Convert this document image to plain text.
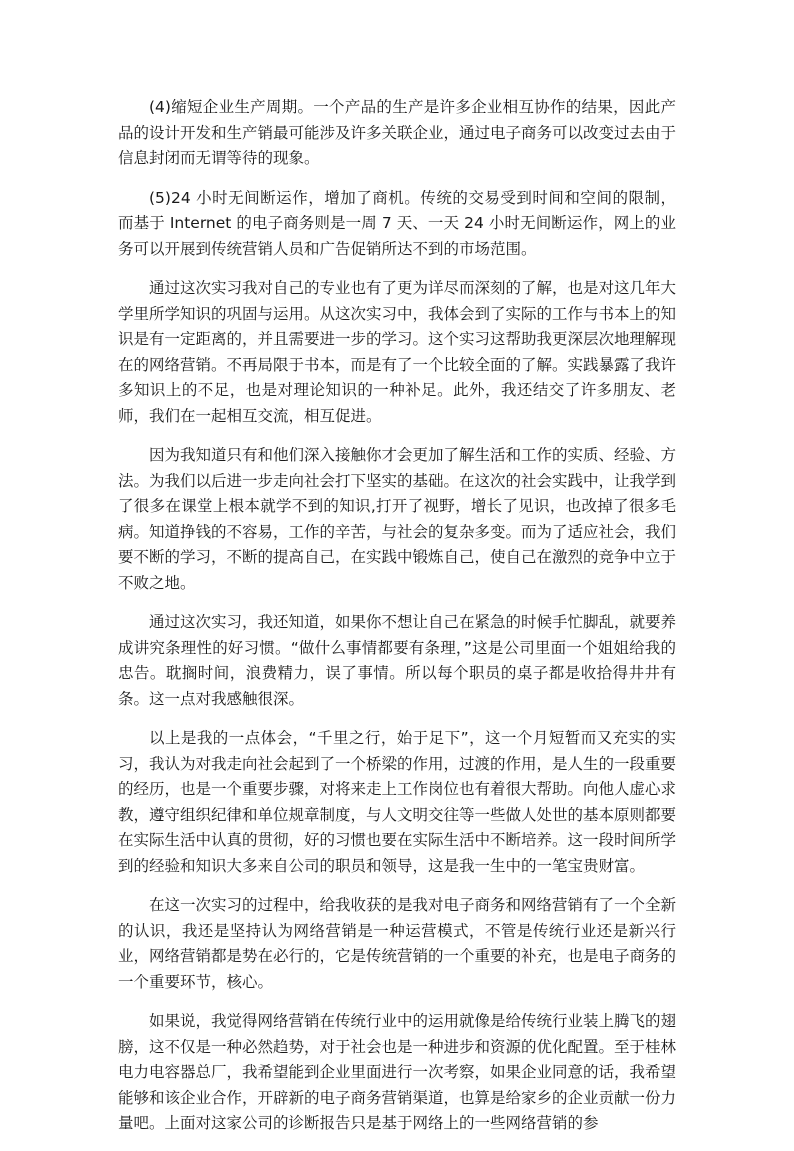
(4)缩短企业生产周期。一个产品的生产是许多企业相互协作的结果，因此产品的设计开发和生产销最可能涉及许多关联企业，通过电子商务可以改变过去由于信息封闭而无谓等待的现象。

(5)24 小时无间断运作，增加了商机。传统的交易受到时间和空间的限制，而基于 Internet 的电子商务则是一周 7 天、一天 24 小时无间断运作，网上的业务可以开展到传统营销人员和广告促销所达不到的市场范围。

通过这次实习我对自己的专业也有了更为详尽而深刻的了解，也是对这几年大学里所学知识的巩固与运用。从这次实习中，我体会到了实际的工作与书本上的知识是有一定距离的，并且需要进一步的学习。这个实习这帮助我更深层次地理解现在的网络营销。不再局限于书本，而是有了一个比较全面的了解。实践暴露了我许多知识上的不足，也是对理论知识的一种补足。此外，我还结交了许多朋友、老师，我们在一起相互交流，相互促进。

因为我知道只有和他们深入接触你才会更加了解生活和工作的实质、经验、方法。为我们以后进一步走向社会打下坚实的基础。在这次的社会实践中，让我学到了很多在课堂上根本就学不到的知识,打开了视野，增长了见识，也改掉了很多毛病。知道挣钱的不容易，工作的辛苦，与社会的复杂多变。而为了适应社会，我们要不断的学习，不断的提高自己，在实践中锻炼自己，使自己在激烈的竞争中立于不败之地。

通过这次实习，我还知道，如果你不想让自己在紧急的时候手忙脚乱，就要养成讲究条理性的好习惯。“做什么事情都要有条理，”这是公司里面一个姐姐给我的忠告。耽搁时间，浪费精力，误了事情。所以每个职员的桌子都是收拾得井井有条。这一点对我感触很深。

以上是我的一点体会，“千里之行，始于足下”，这一个月短暂而又充实的实习，我认为对我走向社会起到了一个桥梁的作用，过渡的作用，是人生的一段重要的经历，也是一个重要步骤，对将来走上工作岗位也有着很大帮助。向他人虚心求教，遵守组织纪律和单位规章制度，与人文明交往等一些做人处世的基本原则都要在实际生活中认真的贯彻，好的习惯也要在实际生活中不断培养。这一段时间所学到的经验和知识大多来自公司的职员和领导，这是我一生中的一笔宝贵财富。

在这一次实习的过程中，给我收获的是我对电子商务和网络营销有了一个全新的认识，我还是坚持认为网络营销是一种运营模式，不管是传统行业还是新兴行业，网络营销都是势在必行的，它是传统营销的一个重要的补充，也是电子商务的一个重要环节，核心。

如果说，我觉得网络营销在传统行业中的运用就像是给传统行业装上腾飞的翅膀，这不仅是一种必然趋势，对于社会也是一种进步和资源的优化配置。至于桂林电力电容器总厂，我希望能到企业里面进行一次考察，如果企业同意的话，我希望能够和该企业合作，开辟新的电子商务营销渠道，也算是给家乡的企业贡献一份力量吧。上面对这家公司的诊断报告只是基于网络上的一些网络营销的参
